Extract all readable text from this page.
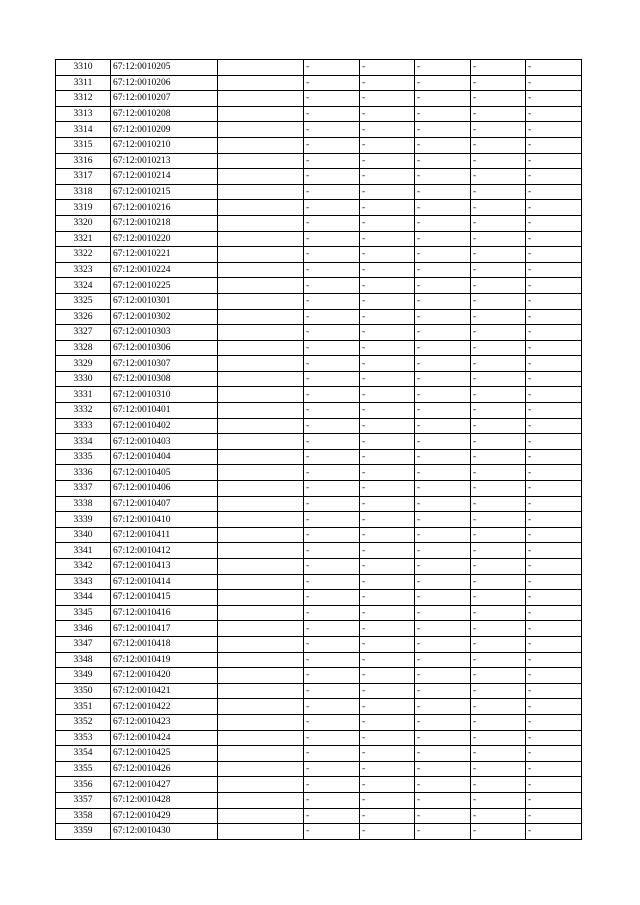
3310	67:12:0010205		-	-	-	-	-
3311	67:12:0010206		-	-	-	-	-
3312	67:12:0010207		-	-	-	-	-
3313	67:12:0010208		-	-	-	-	-
3314	67:12:0010209		-	-	-	-	-
3315	67:12:0010210		-	-	-	-	-
3316	67:12:0010213		-	-	-	-	-
3317	67:12:0010214		-	-	-	-	-
3318	67:12:0010215		-	-	-	-	-
3319	67:12:0010216		-	-	-	-	-
3320	67:12:0010218		-	-	-	-	-
3321	67:12:0010220		-	-	-	-	-
3322	67:12:0010221		-	-	-	-	-
3323	67:12:0010224		-	-	-	-	-
3324	67:12:0010225		-	-	-	-	-
3325	67:12:0010301		-	-	-	-	-
3326	67:12:0010302		-	-	-	-	-
3327	67:12:0010303		-	-	-	-	-
3328	67:12:0010306		-	-	-	-	-
3329	67:12:0010307		-	-	-	-	-
3330	67:12:0010308		-	-	-	-	-
3331	67:12:0010310		-	-	-	-	-
3332	67:12:0010401		-	-	-	-	-
3333	67:12:0010402		-	-	-	-	-
3334	67:12:0010403		-	-	-	-	-
3335	67:12:0010404		-	-	-	-	-
3336	67:12:0010405		-	-	-	-	-
3337	67:12:0010406		-	-	-	-	-
3338	67:12:0010407		-	-	-	-	-
3339	67:12:0010410		-	-	-	-	-
3340	67:12:0010411		-	-	-	-	-
3341	67:12:0010412		-	-	-	-	-
3342	67:12:0010413		-	-	-	-	-
3343	67:12:0010414		-	-	-	-	-
3344	67:12:0010415		-	-	-	-	-
3345	67:12:0010416		-	-	-	-	-
3346	67:12:0010417		-	-	-	-	-
3347	67:12:0010418		-	-	-	-	-
3348	67:12:0010419		-	-	-	-	-
3349	67:12:0010420		-	-	-	-	-
3350	67:12:0010421		-	-	-	-	-
3351	67:12:0010422		-	-	-	-	-
3352	67:12:0010423		-	-	-	-	-
3353	67:12:0010424		-	-	-	-	-
3354	67:12:0010425		-	-	-	-	-
3355	67:12:0010426		-	-	-	-	-
3356	67:12:0010427		-	-	-	-	-
3357	67:12:0010428		-	-	-	-	-
3358	67:12:0010429		-	-	-	-	-
3359	67:12:0010430		-	-	-	-	-
